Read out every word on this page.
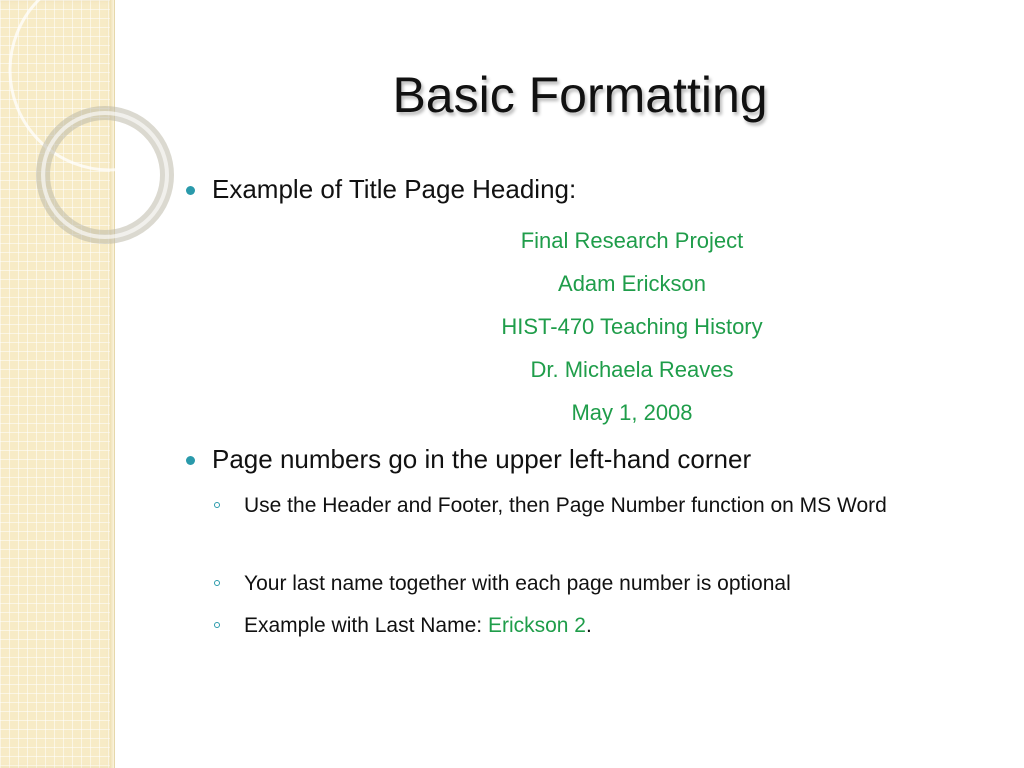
Basic Formatting
Example of Title Page Heading:
Final Research Project
Adam Erickson
HIST-470 Teaching History
Dr. Michaela Reaves
May 1, 2008
Page numbers go in the upper left-hand corner
Use the Header and Footer, then Page Number function on MS Word
Your last name together with each page number is optional
Example with Last Name: Erickson 2.
